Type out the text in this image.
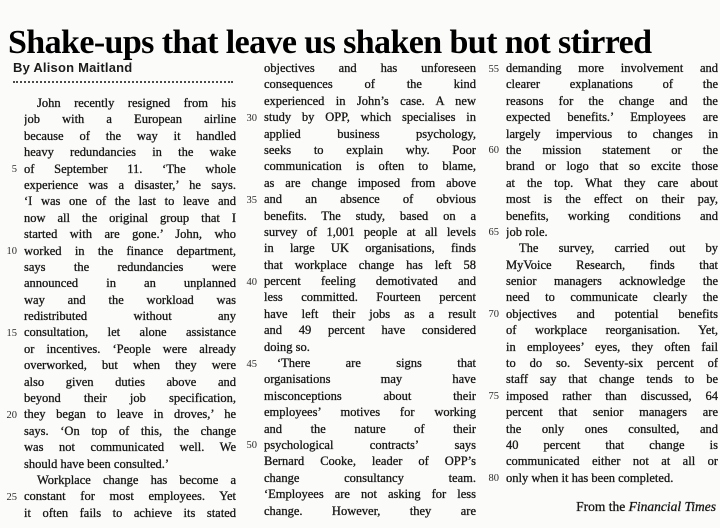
Shake-ups that leave us shaken but not stirred
By Alison Maitland
John recently resigned from his
job with a European airline
because of the way it handled
heavy redundancies in the wake
5 of September 11. ‘The whole
experience was a disaster,’ he says.
‘I was one of the last to leave and
now all the original group that I
started with are gone.’ John, who
10 worked in the finance department,
says the redundancies were
announced in an unplanned
way and the workload was
redistributed without any
15 consultation, let alone assistance
or incentives. ‘People were already
overworked, but when they were
also given duties above and
beyond their job specification,
20 they began to leave in droves,’ he
says. ‘On top of this, the change
was not communicated well. We
should have been consulted.’
Workplace change has become a
25 constant for most employees. Yet
it often fails to achieve its stated
objectives and has unforeseen
consequences of the kind
experienced in John’s case. A new
30 study by OPP, which specialises in
applied business psychology,
seeks to explain why. Poor
communication is often to blame,
as are change imposed from above
35 and an absence of obvious
benefits. The study, based on a
survey of 1,001 people at all levels
in large UK organisations, finds
that workplace change has left 58
40 percent feeling demotivated and
less committed. Fourteen percent
have left their jobs as a result
and 49 percent have considered
doing so.
45	‘There are signs that
organisations may have
misconceptions about their
employees’ motives for working
and the nature of their
50 psychological contracts’ says
Bernard Cooke, leader of OPP’s
change consultancy team.
‘Employees are not asking for less
change. However, they are
55 demanding more involvement and
clearer explanations of the
reasons for the change and the
expected benefits.’ Employees are
largely impervious to changes in
60 the mission statement or the
brand or logo that so excite those
at the top. What they care about
most is the effect on their pay,
benefits, working conditions and
65 job role.
The survey, carried out by
MyVoice Research, finds that
senior managers acknowledge the
need to communicate clearly the
70 objectives and potential benefits
of workplace reorganisation. Yet,
in employees’ eyes, they often fail
to do so. Seventy-six percent of
staff say that change tends to be
75 imposed rather than discussed, 64
percent that senior managers are
the only ones consulted, and
40 percent that change is
communicated either not at all or
80 only when it has been completed.
From the Financial Times
